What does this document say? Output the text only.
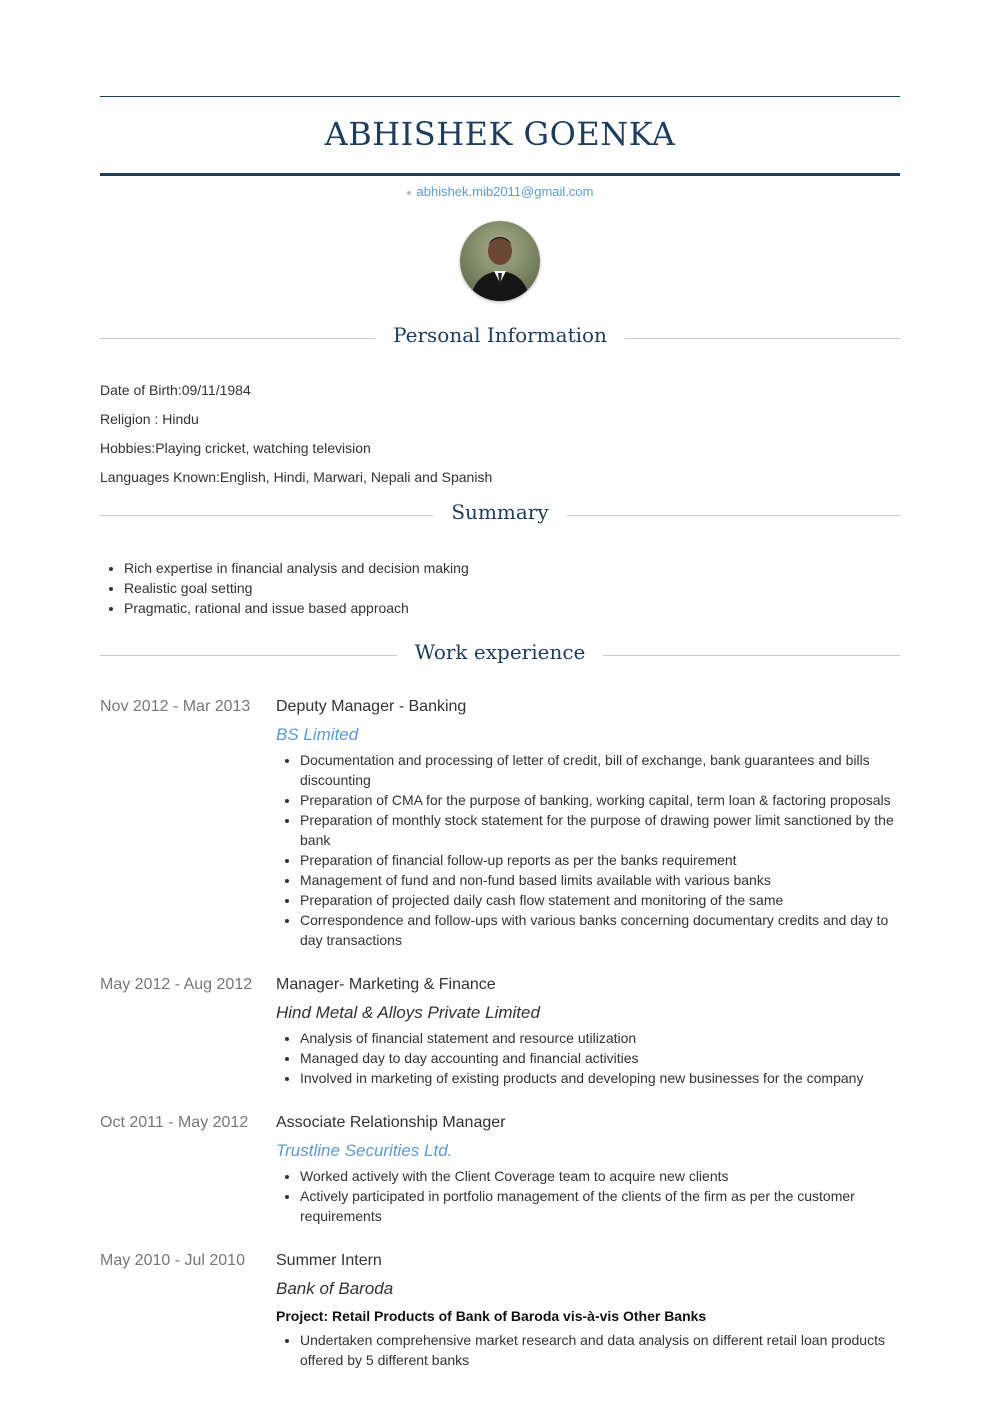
ABHISHEK GOENKA
abhishek.mib2011@gmail.com
Personal Information

Date of Birth:09/11/1984

Religion : Hindu

Hobbies:Playing cricket, watching television

Languages Known:English, Hindi, Marwari, Nepali and Spanish

Summary
• Rich expertise in financial analysis and decision making
• Realistic goal setting
• Pragmatic, rational and issue based approach
Work experience
Nov 2012 - Mar 2013	Deputy Manager - Banking
BS Limited
• Documentation and processing of letter of credit, bill of exchange, bank guarantees and bills discounting
• Preparation of CMA for the purpose of banking, working capital, term loan & factoring proposals
• Preparation of monthly stock statement for the purpose of drawing power limit sanctioned by the bank
• Preparation of financial follow-up reports as per the banks requirement
• Management of fund and non-fund based limits available with various banks
• Preparation of projected daily cash flow statement and monitoring of the same
• Correspondence and follow-ups with various banks concerning documentary credits and day to day transactions
May 2012 - Aug 2012	Manager- Marketing & Finance
Hind Metal & Alloys Private Limited
• Analysis of financial statement and resource utilization
• Managed day to day accounting and financial activities
• Involved in marketing of existing products and developing new businesses for the company
Oct 2011 - May 2012	Associate Relationship Manager
Trustline Securities Ltd.
• Worked actively with the Client Coverage team to acquire new clients
• Actively participated in portfolio management of the clients of the firm as per the customer requirements
May 2010 - Jul 2010	Summer Intern
Bank of Baroda
Project: Retail Products of Bank of Baroda vis-à-vis Other Banks
• Undertaken comprehensive market research and data analysis on different retail loan products offered by 5 different banks
